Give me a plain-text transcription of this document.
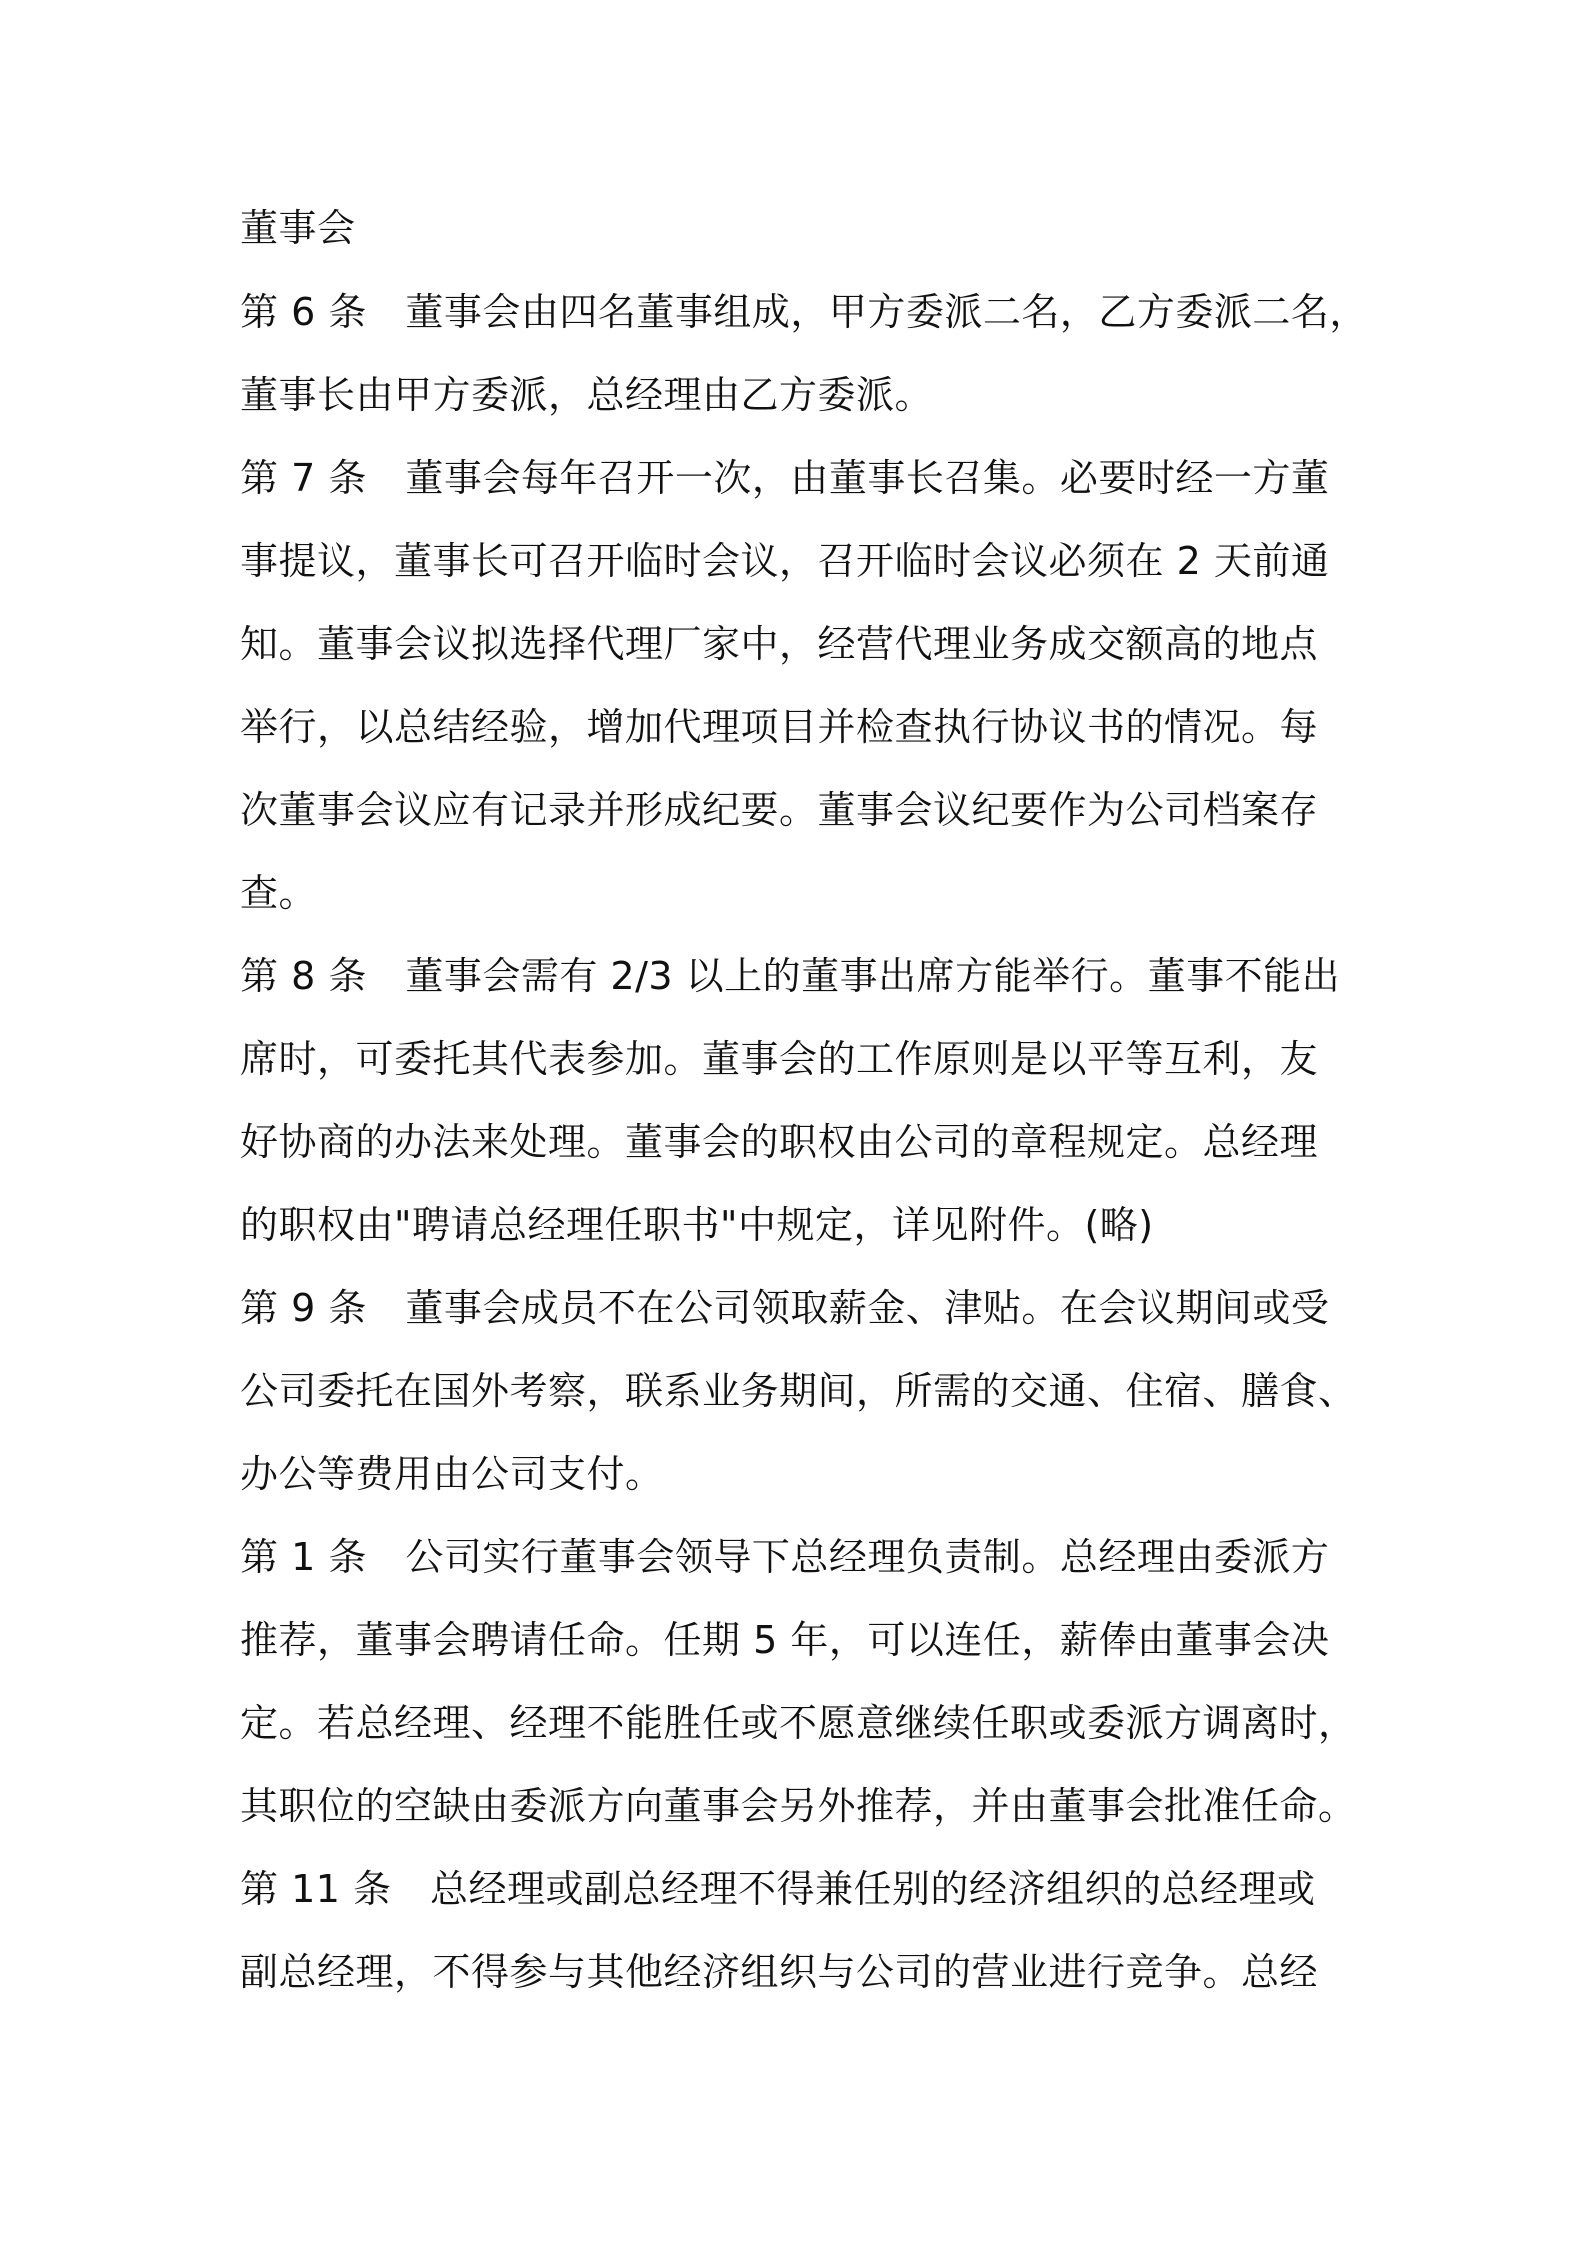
董事会
第 6 条　董事会由四名董事组成，甲方委派二名，乙方委派二名，
董事长由甲方委派，总经理由乙方委派。
第 7 条　董事会每年召开一次，由董事长召集。必要时经一方董
事提议，董事长可召开临时会议，召开临时会议必须在 2 天前通
知。董事会议拟选择代理厂家中，经营代理业务成交额高的地点
举行，以总结经验，增加代理项目并检查执行协议书的情况。每
次董事会议应有记录并形成纪要。董事会议纪要作为公司档案存
查。
第 8 条　董事会需有 2/3 以上的董事出席方能举行。董事不能出
席时，可委托其代表参加。董事会的工作原则是以平等互利，友
好协商的办法来处理。董事会的职权由公司的章程规定。总经理
的职权由"聘请总经理任职书"中规定，详见附件。(略)
第 9 条　董事会成员不在公司领取薪金、津贴。在会议期间或受
公司委托在国外考察，联系业务期间，所需的交通、住宿、膳食、
办公等费用由公司支付。
第 1 条　公司实行董事会领导下总经理负责制。总经理由委派方
推荐，董事会聘请任命。任期 5 年，可以连任，薪俸由董事会决
定。若总经理、经理不能胜任或不愿意继续任职或委派方调离时，
其职位的空缺由委派方向董事会另外推荐，并由董事会批准任命。
第 11 条　总经理或副总经理不得兼任别的经济组织的总经理或
副总经理，不得参与其他经济组织与公司的营业进行竞争。总经
